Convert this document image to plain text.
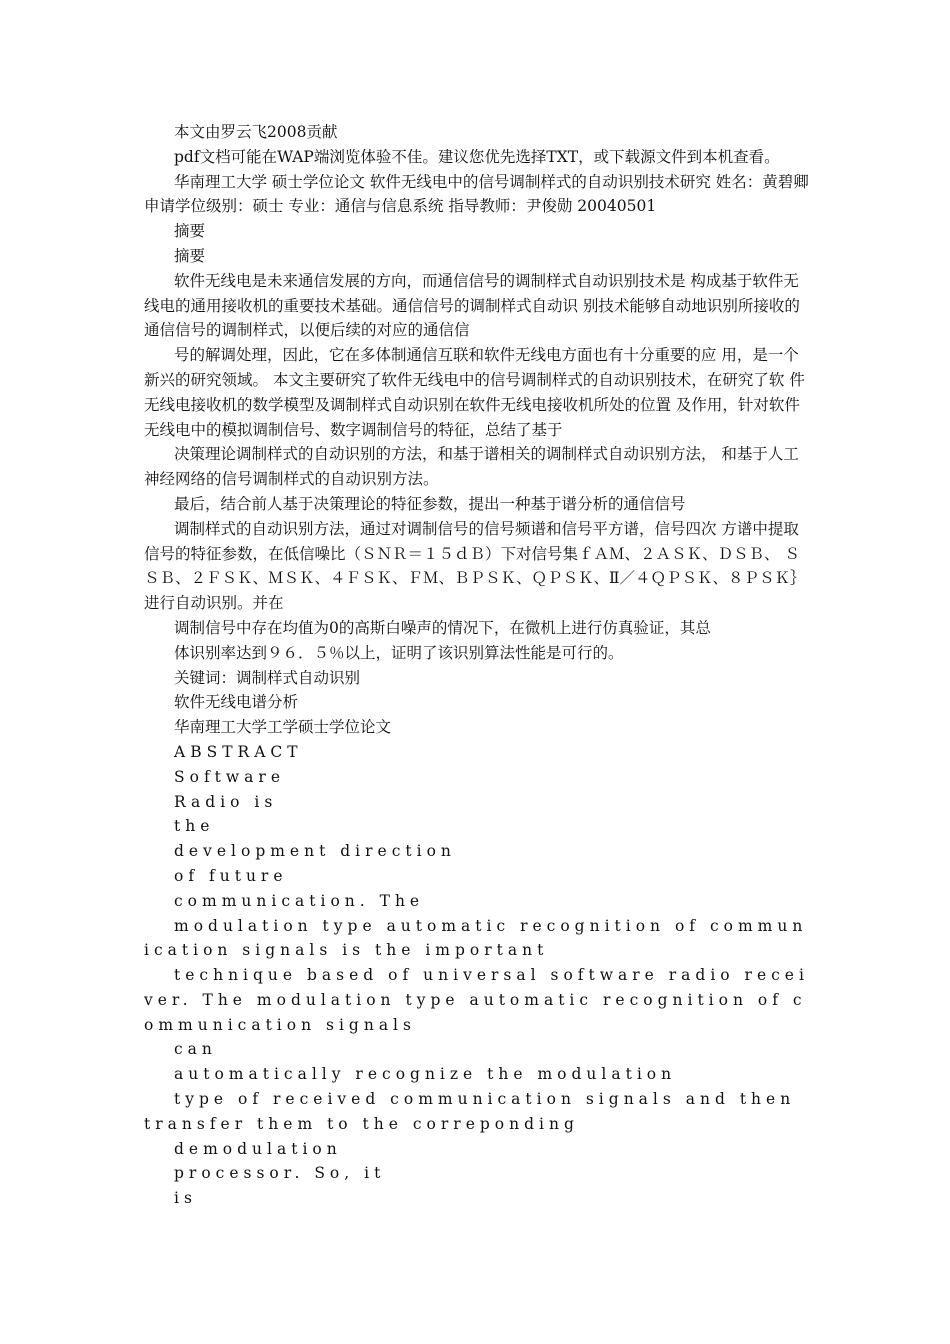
本文由罗云飞2008贡献
pdf文档可能在WAP端浏览体验不佳。建议您优先选择TXT，或下载源文件到本机查看。
华南理工大学 硕士学位论文 软件无线电中的信号调制样式的自动识别技术研究 姓名：黄碧卿 申请学位级别：硕士 专业：通信与信息系统 指导教师：尹俊勋 20040501
摘要
摘要
软件无线电是未来通信发展的方向，而通信信号的调制样式自动识别技术是 构成基于软件无线电的通用接收机的重要技术基础。通信信号的调制样式自动识 别技术能够自动地识别所接收的通信信号的调制样式，以便后续的对应的通信信
号的解调处理，因此，它在多体制通信互联和软件无线电方面也有十分重要的应 用，是一个新兴的研究领域。 本文主要研究了软件无线电中的信号调制样式的自动识别技术，在研究了软 件无线电接收机的数学模型及调制样式自动识别在软件无线电接收机所处的位置 及作用，针对软件无线电中的模拟调制信号、数字调制信号的特征，总结了基于
决策理论调制样式的自动识别的方法，和基于谱相关的调制样式自动识别方法， 和基于人工神经网络的信号调制样式的自动识别方法。
最后，结合前人基于决策理论的特征参数，提出一种基于谱分析的通信信号
调制样式的自动识别方法，通过对调制信号的信号频谱和信号平方谱，信号四次 方谱中提取信号的特征参数，在低信噪比（ＳＮＲ＝１５ｄＢ）下对信号集ｆＡＭ、２ＡＳＫ、ＤＳＢ、 ＳＳＢ、２ＦＳＫ、ＭＳＫ、４ＦＳＫ、ＦＭ、ＢＰＳＫ、ＱＰＳＫ、Ⅱ／４ＱＰＳＫ、８ＰＳＫ｝进行自动识别。并在
调制信号中存在均值为0的高斯白噪声的情况下，在微机上进行仿真验证，其总
体识别率达到９６．５％以上，证明了该识别算法性能是可行的。
关键词：调制样式自动识别
软件无线电谱分析
华南理工大学工学硕士学位论文
ABSTRACT
Software
Radio is
the
development direction
of future
communication. The
modulation type automatic recognition of communication signals is the important
technique based of universal software radio receiver. The modulation type automatic recognition of communication signals
can
automatically recognize the modulation
type of received communication signals and then transfer them to the correponding
demodulation
processor. So, it
is
